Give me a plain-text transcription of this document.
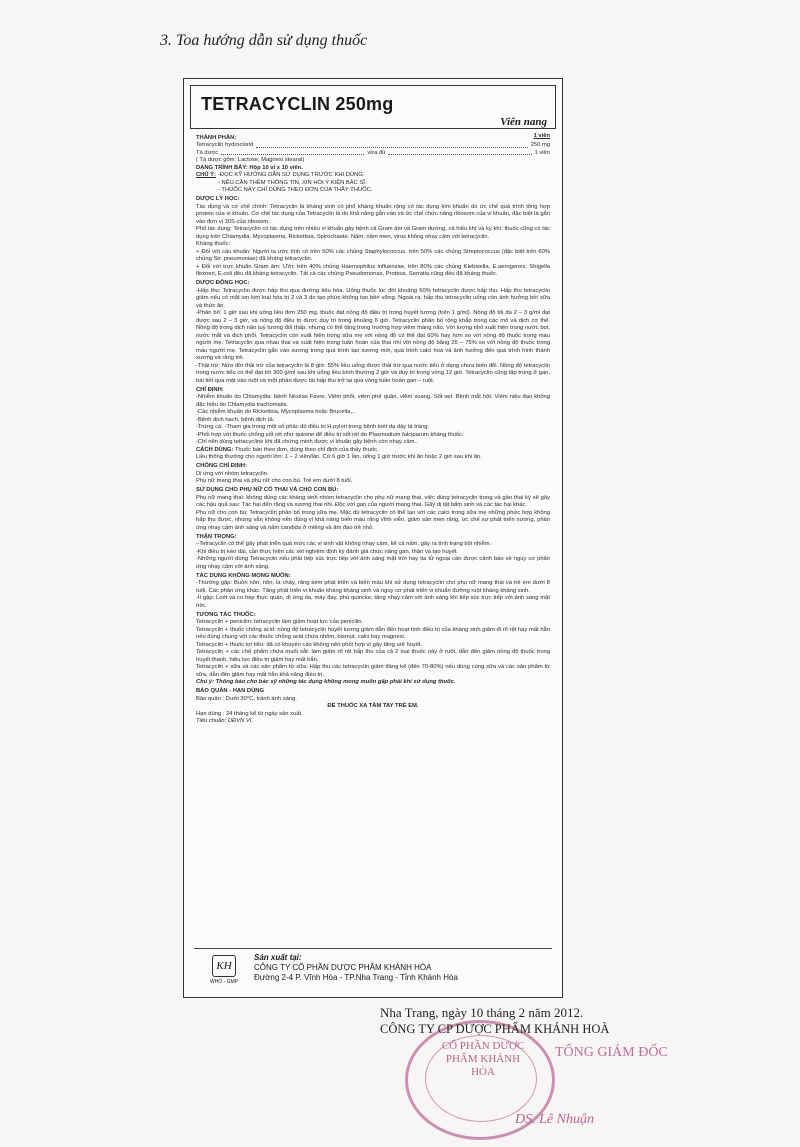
3. Toa hướng dẫn sử dụng thuốc
TETRACYCLIN 250mg
Viên nang
THÀNH PHẦN:	1 viên
Tetracyclin hydroclorid	250 mg
Tá dược	vừa đủ	1 viên
( Tá dược gồm: Lactose, Magnesi stearat)
DẠNG TRÌNH BÀY: Hộp 10 vỉ x 10 viên.
CHÚ Ý: -ĐỌC KỸ HƯỚNG DẪN SỬ DỤNG TRƯỚC KHI DÙNG.
- NẾU CẦN THÊM THÔNG TIN, XIN HỎI Ý KIẾN BÁC SĨ.
- THUỐC NÀY CHỈ DÙNG THEO ĐƠN CỦA THẦY THUỐC.
DƯỢC LÝ HỌC:

Tác dụng và cơ chế chính: Tetracyclin là kháng sinh có phổ kháng khuẩn rộng có tác dụng kìm khuẩn do ức chế quá trình tổng hợp protein của vi khuẩn. Cơ chế tác dụng của Tetracyclin là do khả năng gắn vào và ức chế chức năng ribosom của vi khuẩn, đặc biệt là gắn vào đơn vị 30S của ribosom.

Phổ tác dụng: Tetracyclin có tác dụng trên nhiều vi khuẩn gây bệnh cả Gram âm và Gram dương, cả hiếu khí và kỵ khí; thuốc cũng có tác dụng trên Chlamydia, Mycoplasma, Rickettsia, Spirochaete. Nấm, nấm men, virus không nhạy cảm với tetracyclin.

Kháng thuốc:

+ Đối với cầu khuẩn: Người ta ước tính có trên 50% các chủng Staphylococcus, trên 50% các chủng Streptococcus (đặc biệt trên 60% chủng Str. pneumoniae) đã kháng tetracyclin.

+ Đối với trực khuẩn Gram âm: Ước trên 40% chủng Haemophilus influenzae, trên 80% các chủng Klebsiella, E.aerogenes, Shigella flexneri, E.coli đều đã kháng tetracyclin. Tất cả các chủng Pseudomonas, Proteus, Serratia cũng đều đã kháng thuốc.

DƯỢC ĐỘNG HỌC:

-Hấp thu: Tetracyclin được hấp thu qua đường tiêu hóa. Uống thuốc lúc đói khoảng 60% tetracyclin được hấp thu. Hấp thu tetracyclin giảm nếu có mặt ion kim loại hóa trị 2 và 3 do tạo phức không tan bền vững. Ngoài ra, hấp thu tetracyclin uống còn ảnh hưởng bởi sữa và thức ăn.

-Phân bố: 1 giờ sau khi uống liều đơn 250 mg, thuốc đạt nồng độ điều trị trong huyết tương (trên 1 g/ml). Nồng độ tối đa 2 – 3 g/ml đạt được sau 2 – 3 giờ, và nồng độ điều trị được duy trì trong khoảng 6 giờ. Tetracyclin phân bố rộng khắp trong các mô và dịch cơ thể. Nồng độ trong dịch não tuỷ tương đối thấp, nhưng có thể tăng trong trường hợp viêm màng não. Với lượng nhỏ xuất hiện trong nước bọt, nước mắt và dịch phổi. Tetracyclin còn xuất hiện trong sữa mẹ với nồng độ có thể đạt 60% hay hơn so với nồng độ thuốc trong máu người mẹ. Tetracyclin qua nhau thai và xuất hiện trong tuần hoàn của thai nhi với nồng độ bằng 25 – 75% so với nồng độ thuốc trong máu người mẹ. Tetracyclin gắn vào xương trong quá trình tạo xương mới, quá trình calci hoá và ảnh hưởng đến quá trình hình thành xương và răng trẻ.

-Thải trừ: Nửa đời thải trừ của tetracyclin là 8 giờ. 55% liều uống được thải trừ qua nước tiểu ở dạng chưa biến đổi. Nồng độ tetracyclin trong nước tiểu có thể đạt tới 300 g/ml sau khi uống liều bình thường 2 giờ và duy trì trong vòng 12 giờ. Tetracyclin cũng tập trung ở gan, bài tiết qua mật vào ruột và một phần được tái hấp thu trở lại qua vòng tuần hoàn gan – ruột.

CHỈ ĐỊNH:

-Nhiễm khuẩn do Chlamydia: bệnh Nicolas Favre, Viêm phổi, viêm phế quản, viêm xoang. Sốt vẹt. Bệnh mắt hột. Viêm niệu đạo không đặc hiệu do Chlamydia trachomatis.

-Các nhiễm khuẩn do Rickettsia, Mycoplasma hoặc Brucella,..

-Bệnh dịch hạch, bệnh dịch tả.

-Trứng cá. -Tham gia trong một số phác đồ điều trị H.pylori trong bệnh loét dạ dày tá tràng.

-Phối hợp với thuốc chống sốt rét như quinine để điều trị sốt rét do Plasmodium falciparum kháng thuốc.

-Chỉ nên dùng tetracycline khi đã chứng minh được vi khuẩn gây bệnh còn nhạy cảm..

CÁCH DÙNG: Thuốc bán theo đơn, dùng theo chỉ định của thầy thuốc.

Liều thông thường cho người lớn: 1 – 2 viên/lần. Cứ 6 giờ 1 lần, uống 1 giờ trước khi ăn hoặc 2 giờ sau khi ăn.

CHỐNG CHỈ ĐỊNH:

Dị ứng với nhóm tetracyclin.

Phụ nữ mang thai và phụ nữ cho con bú. Trẻ em dưới 8 tuổi.

SỬ DỤNG CHO PHỤ NỮ CÓ THAI VÀ CHO CON BÚ:

Phụ nữ mang thai: không dùng các kháng sinh nhóm tetracyclin cho phụ nữ mang thai, việc dùng tetracyclin trong và gần thai kỳ sẽ gây các hậu quả sau: Tác hại đến răng và xương thai nhi. Độc với gan của người mang thai. Gây dị tật bẩm sinh và các tác hại khác.

Phụ nữ cho con bú: Tetracyclin phân bố trong sữa mẹ. Mặc dù tetracyclin có thể tạo với các calci trong sữa mẹ những phức hợp không hấp thu được, nhưng vẫn không nên dùng vì khả năng biến màu răng vĩnh viễn, giảm sản men răng, ức chế sự phát triển xương, phản ứng nhạy cảm ánh sáng và nấm candida ở miệng và âm đạo trẻ nhỏ.

THẬN TRỌNG:

–Tetracyclin có thể gây phát triển quá mức các vi sinh vật không nhạy cảm, kể cả nấm, gây ra tình trạng bội nhiễm.

-Khi điều trị kéo dài, cần thực hiện các xét nghiệm định kỳ đánh giá chức năng gan, thận và tạo huyết.

-Những người dùng Tetracyclin nếu phải tiếp xúc trực tiếp với ánh sáng mặt trời hay tia tử ngoại cần được cảnh báo về nguy cơ phản ứng nhạy cảm với ánh sáng.

TÁC DỤNG KHÔNG MONG MUỐN:

-Thường gặp: Buồn nôn, nôn, ỉa chảy, răng kém phát triển và biến màu khi sử dụng tetracyclin cho phụ nữ mang thai và trẻ em dưới 8 tuổi. Các phản ứng khác: Tăng phát triển vi khuẩn kháng kháng sinh và nguy cơ phát triển vi khuẩn đường ruột kháng kháng sinh.

-Ít gặp: Loét và co hẹp thực quản, dị ứng da, mày đay, phù quincke, tăng nhạy cảm với ánh sáng khi tiếp xúc trực tiếp với ánh sáng mặt trời.

TƯƠNG TÁC THUỐC:

Tetracyclin + penicilin: tetracyclin làm giảm hoạt lực của penicilin.

Tetracyclin + thuốc chống acid: nồng độ tetracyclin huyết tương giảm dẫn đến hoạt tính điều trị của kháng sinh giảm đi rõ rệt hay mất hẳn nếu dùng chung với các thuốc chống acid chứa nhôm, bismut, calci hay magnesi.

Tetracyclin + thuốc lợi tiểu: đã có khuyến cáo không nên phối hợp vì gây tăng urê huyết.

Tetracyclin + các chế phẩm chứa muối sắt: làm giảm rõ rệt hấp thu của cả 2 loại thuốc này ở ruột, dẫn đến giảm nồng độ thuốc trong huyết thanh, hiệu lực điều trị giảm hay mất hẳn.

Tetracyclin + sữa và các sản phẩm từ sữa: Hấp thu các tetracyclin giảm đáng kể (đến 70-80%) nếu dùng cùng sữa và các sản phẩm từ sữa, dẫn đến giảm hay mất hẳn khả năng điều trị.

Chú ý: Thông báo cho bác sỹ những tác dụng không mong muốn gặp phải khi sử dụng thuốc.

BẢO QUẢN - HẠN DÙNG

Bảo quản : Dưới 30°C, tránh ánh sáng.

ĐỂ THUỐC XA TẦM TAY TRẺ EM.

Hạn dùng : 24 tháng kể từ ngày sản xuất.

Tiêu chuẩn: DĐVN VI.

KH
WHO - GMP
Sản xuất tại:
CÔNG TY CỔ PHẦN DƯỢC PHẨM KHÁNH HÒA
Đường 2-4 P. Vĩnh Hòa - TP.Nha Trang - Tỉnh Khánh Hòa
CỔ PHẦN DƯỢC PHẨM KHÁNH HÒA
Nha Trang, ngày 10 tháng 2 năm 2012.
CÔNG TY CP DƯỢC PHẨM KHÁNH HOÀ
TỔNG GIÁM ĐỐC
DS. Lê Nhuận
